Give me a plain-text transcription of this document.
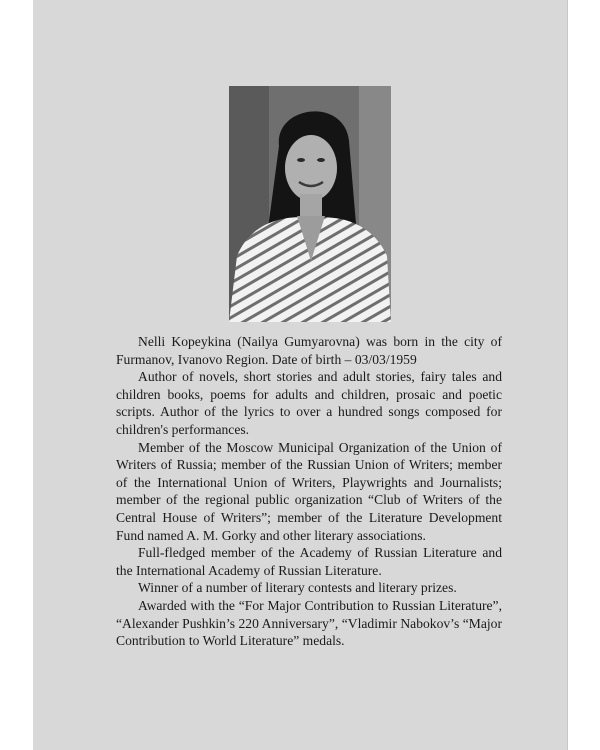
Nelli Kopeykina (Nailya Gumyarovna) was born in the city of Furmanov, Ivanovo Region. Date of birth – 03/03/1959

Author of novels, short stories and adult stories, fairy tales and children books, poems for adults and children, prosaic and poetic scripts. Author of the lyrics to over a hundred songs composed for children's performances.

Member of the Moscow Municipal Organization of the Union of Writers of Russia; member of the Russian Union of Writers; member of the International Union of Writers, Playwrights and Journalists; member of the regional public organization “Club of Writers of the Central House of Writers”; member of the Literature Development Fund named A. M. Gorky and other literary associations.

Full-fledged member of the Academy of Russian Literature and the International Academy of Russian Literature.

Winner of a number of literary contests and literary prizes.

Awarded with the “For Major Contribution to Russian Literature”, “Alexander Pushkin’s 220 Anniversary”, “Vladimir Nabokov’s “Major Contribution to World Literature” medals.
